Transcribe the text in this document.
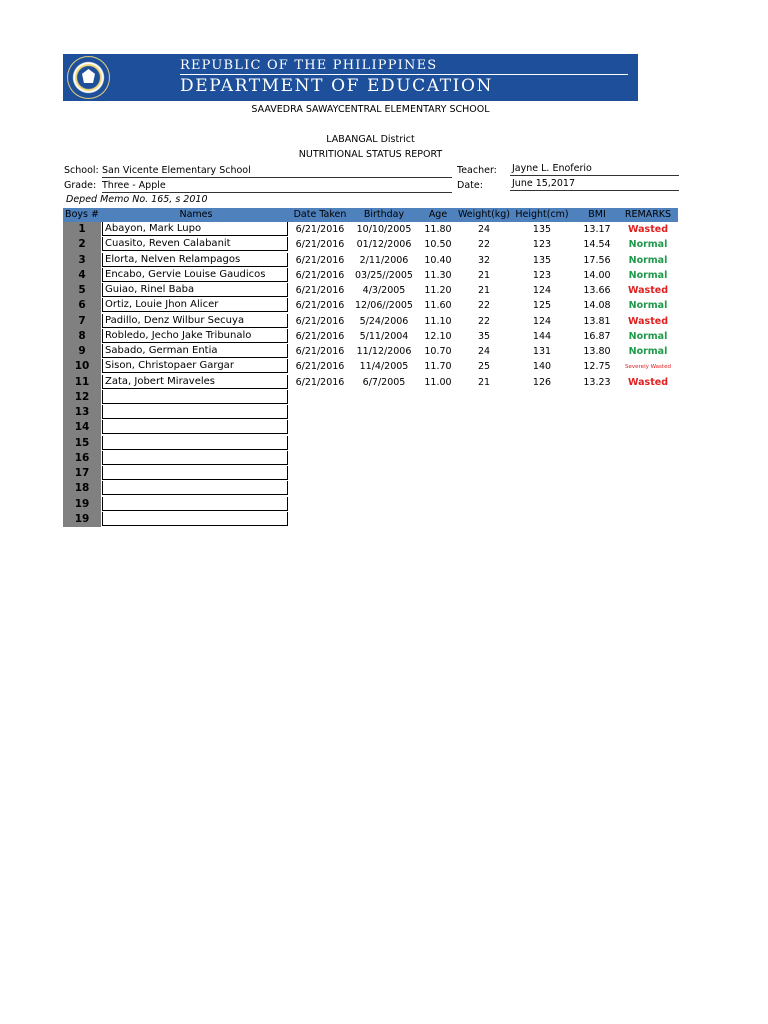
REPUBLIC OF THE PHILIPPINES
DEPARTMENT OF EDUCATION
SAAVEDRA SAWAYCENTRAL ELEMENTARY SCHOOL
LABANGAL District
NUTRITIONAL STATUS REPORT
School: San Vicente Elementary School
Grade: Three - Apple
Teacher: Jayne L. Enoferio
Date:	June 15,2017
Deped Memo No. 165, s 2010
Boys #	Names	Date Taken	Birthday	Age	Weight(kg) Height(cm)	BMI	REMARKS
1	Abayon, Mark Lupo	6/21/2016	10/10/2005	11.80	24	135	13.17	Wasted
2	Cuasito, Reven Calabanit	6/21/2016	01/12/2006	10.50	22	123	14.54	Normal
3	Elorta, Nelven Relampagos	6/21/2016	2/11/2006	10.40	32	135	17.56	Normal
4	Encabo, Gervie Louise Gaudicos	6/21/2016	03/25//2005	11.30	21	123	14.00	Normal
5	Guiao, Rinel Baba	6/21/2016	4/3/2005	11.20	21	124	13.66	Wasted
6	Ortiz, Louie Jhon Alicer	6/21/2016	12/06//2005	11.60	22	125	14.08	Normal
7	Padillo, Denz Wilbur Secuya	6/21/2016	5/24/2006	11.10	22	124	13.81	Wasted
8	Robledo, Jecho Jake Tribunalo	6/21/2016	5/11/2004	12.10	35	144	16.87	Normal
9	Sabado, German Entia	6/21/2016	11/12/2006	10.70	24	131	13.80	Normal
10	Sison, Christopaer Gargar	6/21/2016	11/4/2005	11.70	25	140	12.75	Severely Wasted
11	Zata, Jobert Miraveles	6/21/2016	6/7/2005	11.00	21	126	13.23	Wasted
12
13
14
15
16
17
18
19
19
